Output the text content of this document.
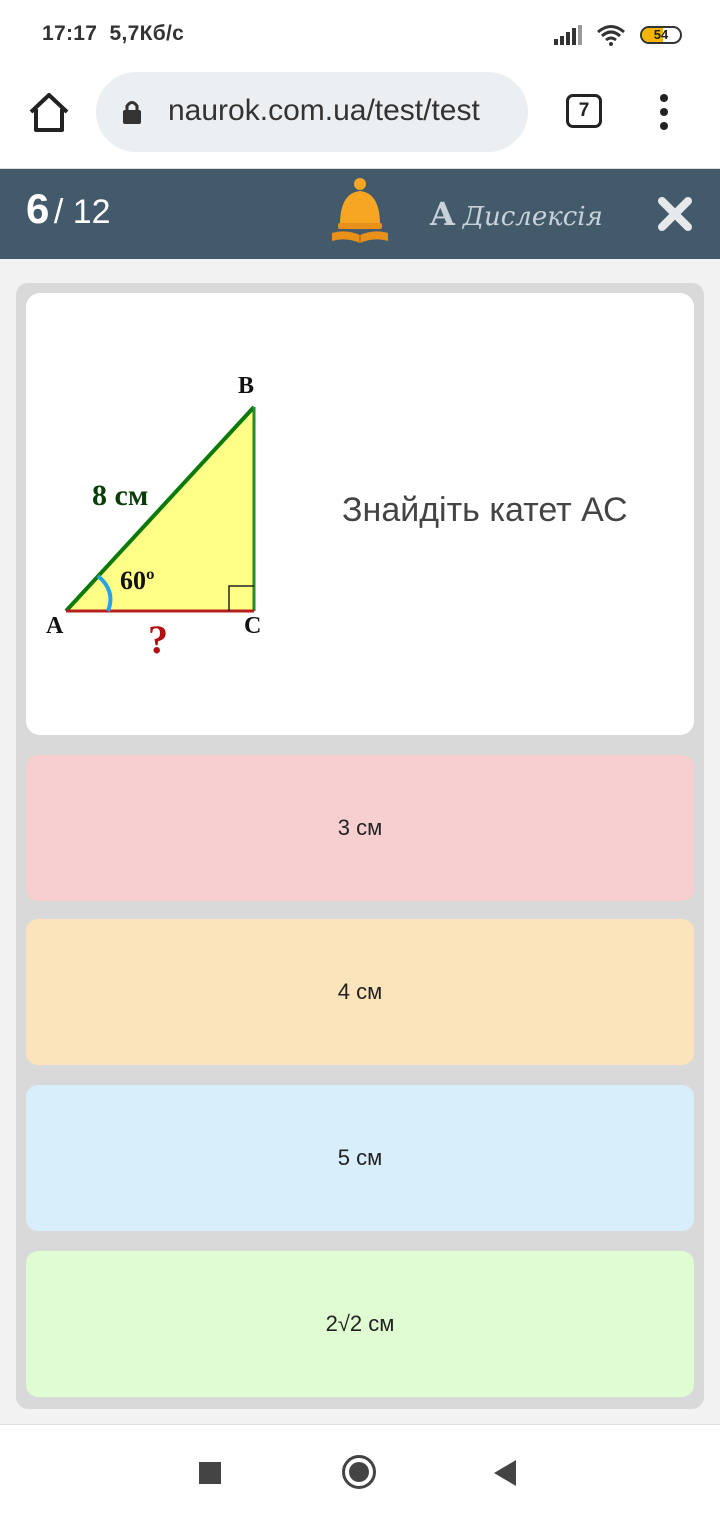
17:17 5,7Кб/с	54
naurok.com.ua/test/test	7
6 / 12	A Дислексія
B
A	C
8 см
60º
?
Знайдіть катет АС
3 см
4 см
5 см
2√2 см
